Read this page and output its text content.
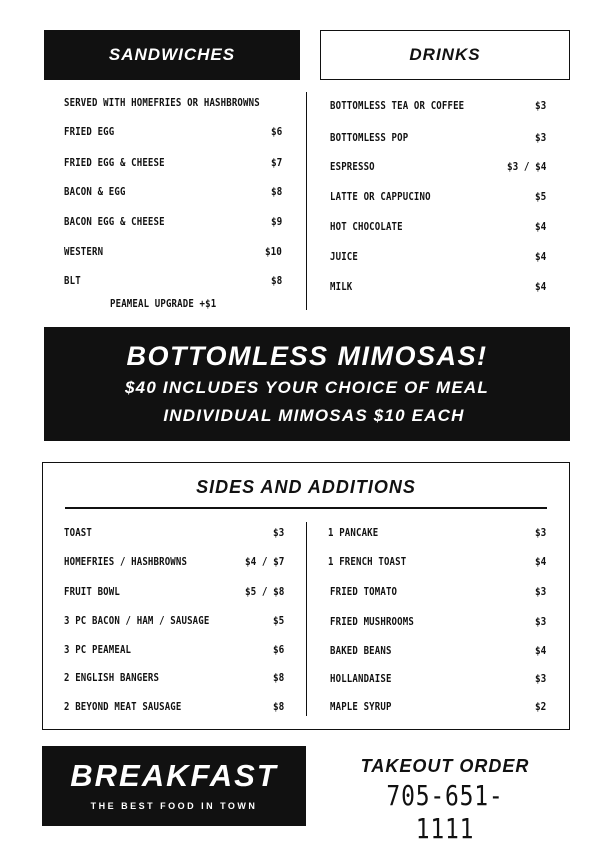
SANDWICHES	DRINKS
SERVED WITH HOMEFRIES OR HASHBROWNS
FRIED EGG	$6
FRIED EGG & CHEESE	$7
BACON & EGG	$8
BACON EGG & CHEESE	$9
WESTERN	$10
BLT	$8
PEAMEAL UPGRADE +$1
BOTTOMLESS TEA OR COFFEE	$3
BOTTOMLESS POP	$3
ESPRESSO	$3 / $4
LATTE OR CAPPUCINO	$5
HOT CHOCOLATE	$4
JUICE	$4
MILK	$4
BOTTOMLESS MIMOSAS!
$40 INCLUDES YOUR CHOICE OF MEAL
INDIVIDUAL MIMOSAS $10 EACH
SIDES AND ADDITIONS
TOAST	$3
HOMEFRIES / HASHBROWNS	$4 / $7
FRUIT BOWL	$5 / $8
3 PC BACON / HAM / SAUSAGE	$5
3 PC PEAMEAL	$6
2 ENGLISH BANGERS	$8
2 BEYOND MEAT SAUSAGE	$8
1 PANCAKE	$3
1 FRENCH TOAST	$4
FRIED TOMATO	$3
FRIED MUSHROOMS	$3
BAKED BEANS	$4
HOLLANDAISE	$3
MAPLE SYRUP	$2
BREAKFAST
THE BEST FOOD IN TOWN
TAKEOUT ORDER
705-651-1111
